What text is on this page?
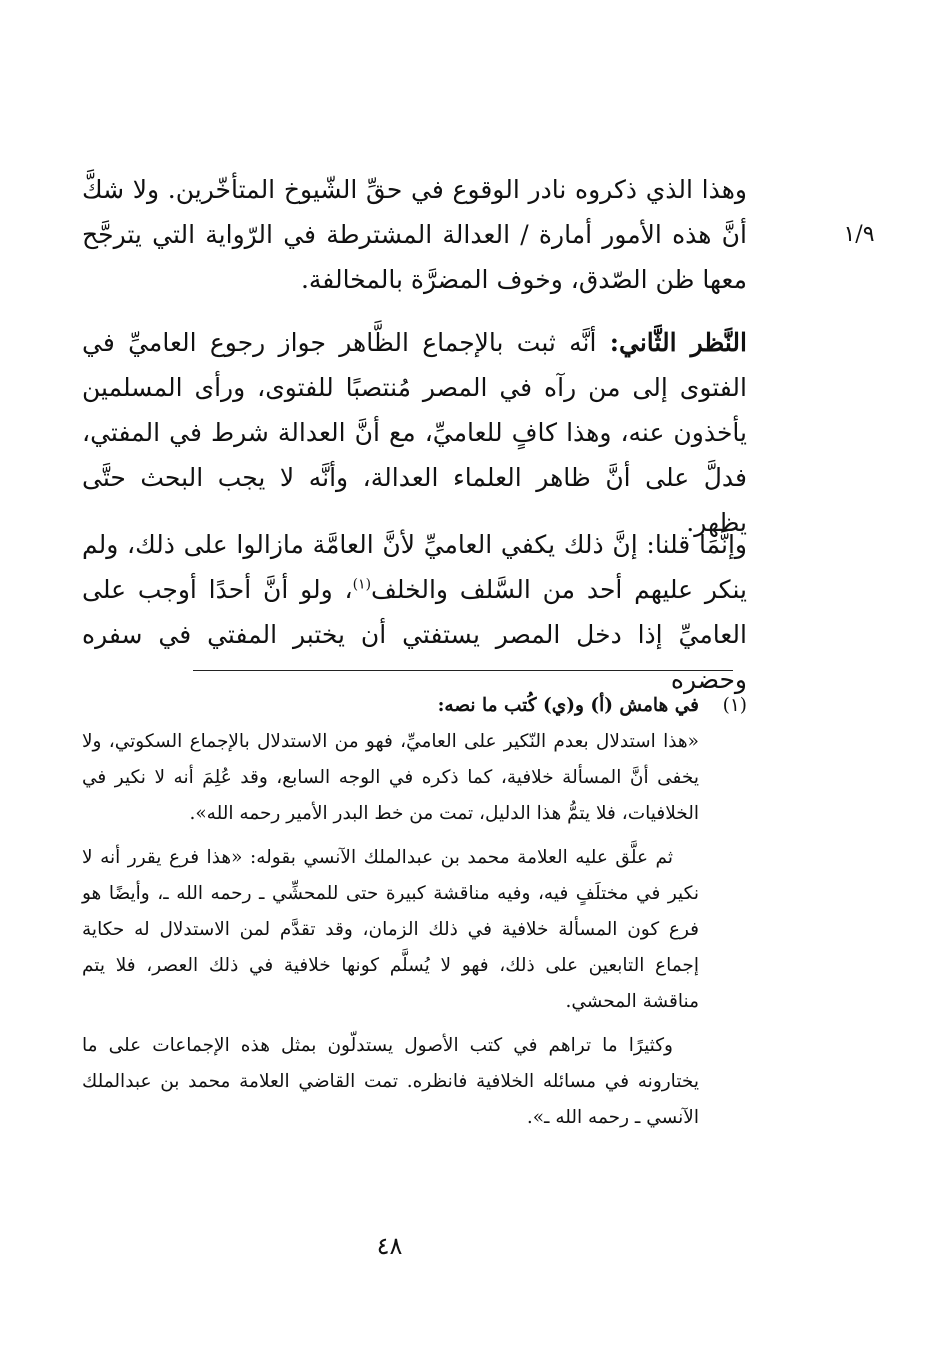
١/٩

وهذا الذي ذكروه نادر الوقوع في حقِّ الشّيوخ المتأخّرين. ولا شكَّ أنَّ هذه الأمور أمارة / العدالة المشترطة في الرّواية التي يترجَّح معها ظن الصّدق، وخوف المضرَّة بالمخالفة.

النَّظر الثَّاني: أنَّه ثبت بالإجماع الظَّاهر جواز رجوع العاميِّ في الفتوى إلى من رآه في المصر مُنتصبًا للفتوى، ورأى المسلمين يأخذون عنه، وهذا كافٍ للعاميِّ، مع أنَّ العدالة شرط في المفتي، فدلَّ على أنَّ ظاهر العلماء العدالة، وأنَّه لا يجب البحث حتَّى يظهر.

وإنَّمَا قلنا: إنَّ ذلك يكفي العاميِّ لأنَّ العامَّة مازالوا على ذلك، ولم ينكر عليهم أحد من السَّلف والخلف$^{(١)}$، ولو أنَّ أحدًا أوجب على العاميِّ إذا دخل المصر يستفتي أن يختبر المفتي في سفره وحضره

(١)في هامش (أ) و(ي) كُتب ما نصه:

«هذا استدلال بعدم النّكير على العاميِّ، فهو من الاستدلال بالإجماع السكوتي، ولا يخفى أنَّ المسألة خلافية، كما ذكره في الوجه السابع، وقد عُلِمَ أنه لا نكير في الخلافيات، فلا يتمُّ هذا الدليل، تمت من خط البدر الأمير رحمه الله».

ثم علَّق عليه العلامة محمد بن عبدالملك الآنسي بقوله: «هذا فرع يقرر أنه لا نكير في مختلَفٍ فيه، وفيه مناقشة كبيرة حتى للمحشِّي ـ رحمه الله ـ، وأيضًا هو فرع كون المسألة خلافية في ذلك الزمان، وقد تقدَّم لمن الاستدلال له حكاية إجماع التابعين على ذلك، فهو لا يُسلَّم كونها خلافية في ذلك العصر، فلا يتم مناقشة المحشي.

وكثيرًا ما تراهم في كتب الأصول يستدلّون بمثل هذه الإجماعات على ما يختارونه في مسائله الخلافية فانظره. تمت القاضي العلامة محمد بن عبدالملك الآنسي ـ رحمه الله ـ».

٤٨
